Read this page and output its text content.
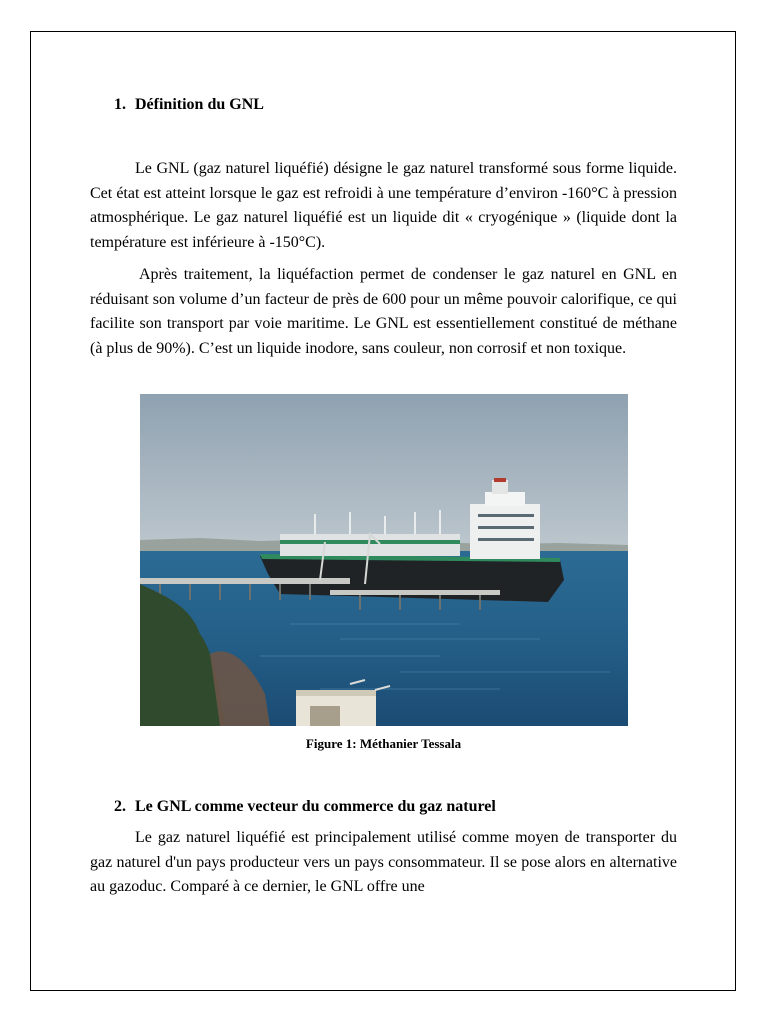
1. Définition du GNL

Le GNL (gaz naturel liquéfié) désigne le gaz naturel transformé sous forme liquide. Cet état est atteint lorsque le gaz est refroidi à une température d’environ -160°C à pression atmosphérique. Le gaz naturel liquéfié est un liquide dit « cryogénique » (liquide dont la température est inférieure à -150°C).

Après traitement, la liquéfaction permet de condenser le gaz naturel en GNL en réduisant son volume d’un facteur de près de 600 pour un même pouvoir calorifique, ce qui facilite son transport par voie maritime. Le GNL est essentiellement constitué de méthane (à plus de 90%). C’est un liquide inodore, sans couleur, non corrosif et non toxique.

Figure 1: Méthanier Tessala

2. Le GNL comme vecteur du commerce du gaz naturel

Le gaz naturel liquéfié est principalement utilisé comme moyen de transporter du gaz naturel d'un pays producteur vers un pays consommateur. Il se pose alors en alternative au gazoduc. Comparé à ce dernier, le GNL offre une
